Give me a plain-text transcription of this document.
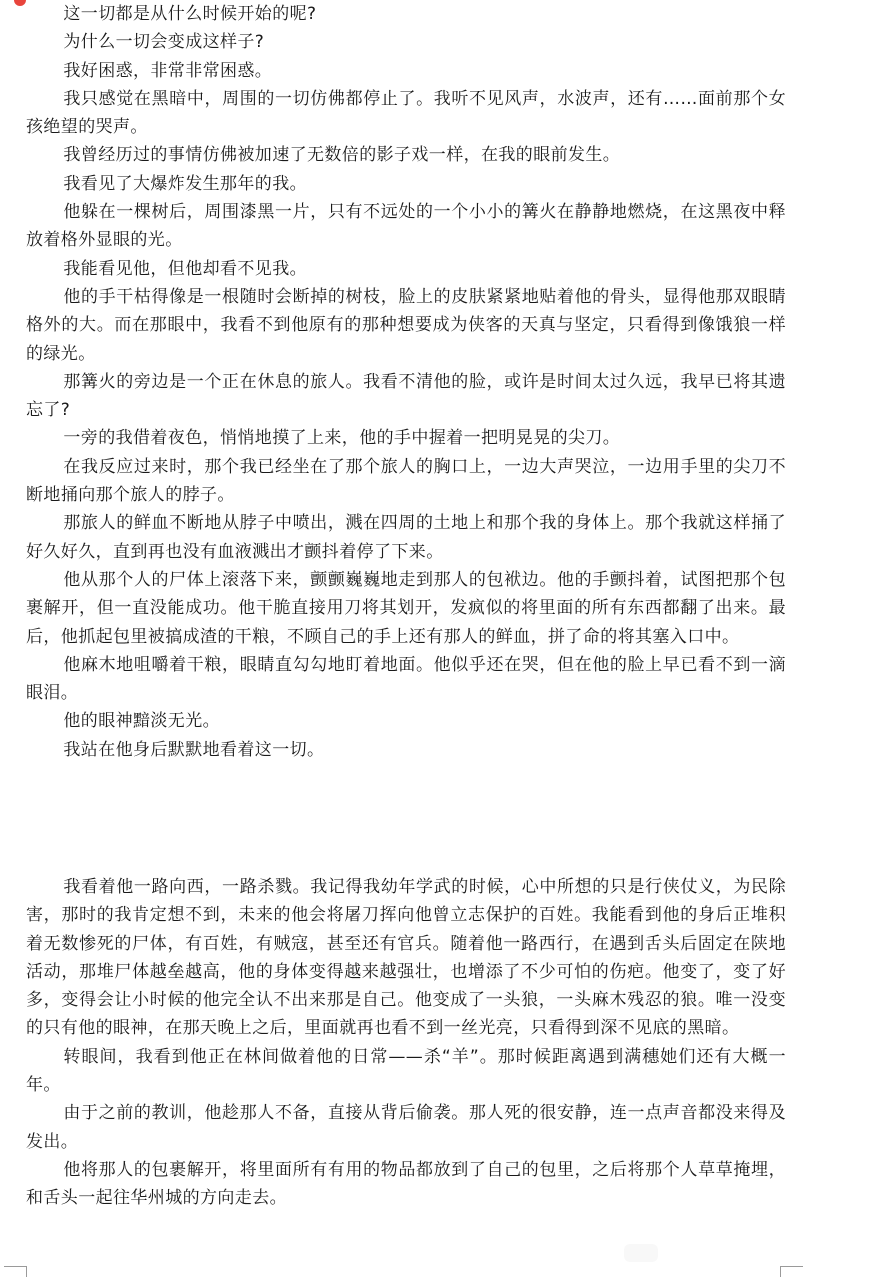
这一切都是从什么时候开始的呢?

为什么一切会变成这样子?

我好困惑，非常非常困惑。

我只感觉在黑暗中，周围的一切仿佛都停止了。我听不见风声，水波声，还有……面前那个女孩绝望的哭声。

我曾经历过的事情仿佛被加速了无数倍的影子戏一样，在我的眼前发生。

我看见了大爆炸发生那年的我。

他躲在一棵树后，周围漆黑一片，只有不远处的一个小小的篝火在静静地燃烧，在这黑夜中释放着格外显眼的光。

我能看见他，但他却看不见我。

他的手干枯得像是一根随时会断掉的树枝，脸上的皮肤紧紧地贴着他的骨头，显得他那双眼睛格外的大。而在那眼中，我看不到他原有的那种想要成为侠客的天真与坚定，只看得到像饿狼一样的绿光。

那篝火的旁边是一个正在休息的旅人。我看不清他的脸，或许是时间太过久远，我早已将其遗忘了?

一旁的我借着夜色，悄悄地摸了上来，他的手中握着一把明晃晃的尖刀。

在我反应过来时，那个我已经坐在了那个旅人的胸口上，一边大声哭泣，一边用手里的尖刀不断地捅向那个旅人的脖子。

那旅人的鲜血不断地从脖子中喷出，溅在四周的土地上和那个我的身体上。那个我就这样捅了好久好久，直到再也没有血液溅出才颤抖着停了下来。

他从那个人的尸体上滚落下来，颤颤巍巍地走到那人的包袱边。他的手颤抖着，试图把那个包裹解开，但一直没能成功。他干脆直接用刀将其划开，发疯似的将里面的所有东西都翻了出来。最后，他抓起包里被搞成渣的干粮，不顾自己的手上还有那人的鲜血，拼了命的将其塞入口中。

他麻木地咀嚼着干粮，眼睛直勾勾地盯着地面。他似乎还在哭，但在他的脸上早已看不到一滴眼泪。

他的眼神黯淡无光。

我站在他身后默默地看着这一切。

我看着他一路向西，一路杀戮。我记得我幼年学武的时候，心中所想的只是行侠仗义，为民除害，那时的我肯定想不到，未来的他会将屠刀挥向他曾立志保护的百姓。我能看到他的身后正堆积着无数惨死的尸体，有百姓，有贼寇，甚至还有官兵。随着他一路西行，在遇到舌头后固定在陕地活动，那堆尸体越垒越高，他的身体变得越来越强壮，也增添了不少可怕的伤疤。他变了，变了好多，变得会让小时候的他完全认不出来那是自己。他变成了一头狼，一头麻木残忍的狼。唯一没变的只有他的眼神，在那天晚上之后，里面就再也看不到一丝光亮，只看得到深不见底的黑暗。

转眼间，我看到他正在林间做着他的日常——杀“羊”。那时候距离遇到满穗她们还有大概一年。

由于之前的教训，他趁那人不备，直接从背后偷袭。那人死的很安静，连一点声音都没来得及发出。

他将那人的包裹解开，将里面所有有用的物品都放到了自己的包里，之后将那个人草草掩埋，和舌头一起往华州城的方向走去。
